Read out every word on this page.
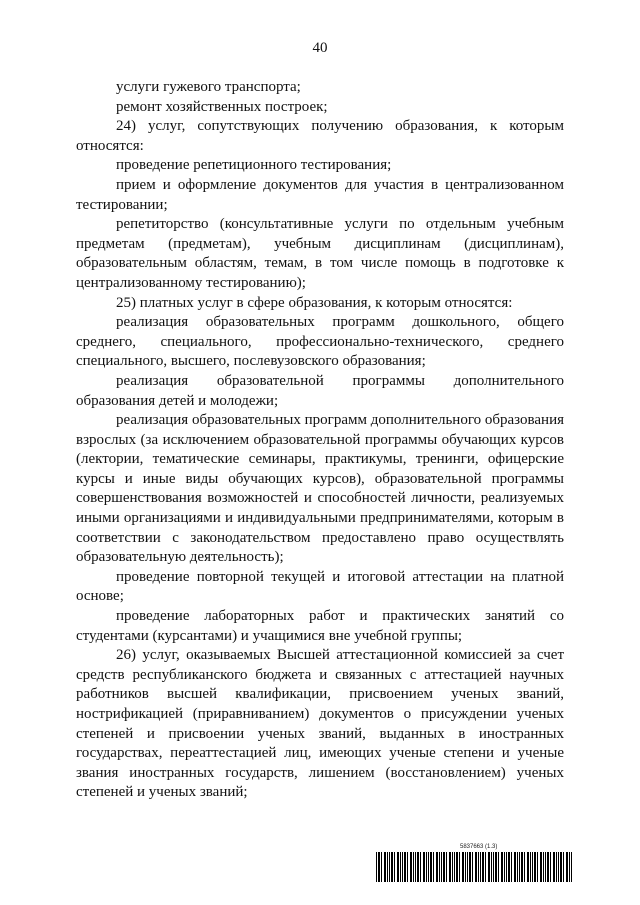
40

услуги гужевого транспорта;

ремонт хозяйственных построек;

24) услуг, сопутствующих получению образования, к которым относятся:

проведение репетиционного тестирования;

прием и оформление документов для участия в централизованном тестировании;

репетиторство (консультативные услуги по отдельным учебным предметам (предметам), учебным дисциплинам (дисциплинам), образовательным областям, темам, в том числе помощь в подготовке к централизованному тестированию);

25) платных услуг в сфере образования, к которым относятся:

реализация образовательных программ дошкольного, общего среднего, специального, профессионально-технического, среднего специального, высшего, послевузовского образования;

реализация образовательной программы дополнительного образования детей и молодежи;

реализация образовательных программ дополнительного образования взрослых (за исключением образовательной программы обучающих курсов (лектории, тематические семинары, практикумы, тренинги, офицерские курсы и иные виды обучающих курсов), образовательной программы совершенствования возможностей и способностей личности, реализуемых иными организациями и индивидуальными предпринимателями, которым в соответствии с законодательством предоставлено право осуществлять образовательную деятельность);

проведение повторной текущей и итоговой аттестации на платной основе;

проведение лабораторных работ и практических занятий со студентами (курсантами) и учащимися вне учебной группы;

26) услуг, оказываемых Высшей аттестационной комиссией за счет средств республиканского бюджета и связанных с аттестацией научных работников высшей квалификации, присвоением ученых званий, нострификацией (приравниванием) документов о присуждении ученых степеней и присвоении ученых званий, выданных в иностранных государствах, переаттестацией лиц, имеющих ученые степени и ученые звания иностранных государств, лишением (восстановлением) ученых степеней и ученых званий;

5837663 (1.3)
